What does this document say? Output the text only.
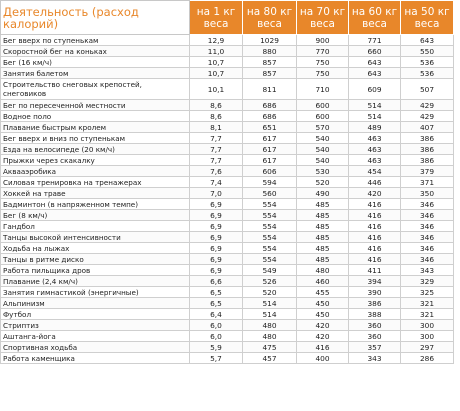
Деятельность (расход калорий)	на 1 кг веса	на 80 кг веса	на 70 кг веса	на 60 кг веса	на 50 кг веса
Бег вверх по ступенькам	12,9	1029	900	771	643
Скоростной бег на коньках	11,0	880	770	660	550
Бег (16 км/ч)	10,7	857	750	643	536
Занятия балетом	10,7	857	750	643	536
Строительство снеговых крепостей, снеговиков	10,1	811	710	609	507
Бег по пересеченной местности	8,6	686	600	514	429
Водное поло	8,6	686	600	514	429
Плавание быстрым кролем	8,1	651	570	489	407
Бег вверх и вниз по ступенькам	7,7	617	540	463	386
Езда на велосипеде (20 км/ч)	7,7	617	540	463	386
Прыжки через скакалку	7,7	617	540	463	386
Аквааэробика	7,6	606	530	454	379
Силовая тренировка на тренажерах	7,4	594	520	446	371
Хоккей на траве	7,0	560	490	420	350
Бадминтон (в напряженном темпе)	6,9	554	485	416	346
Бег (8 км/ч)	6,9	554	485	416	346
Гандбол	6,9	554	485	416	346
Танцы высокой интенсивности	6,9	554	485	416	346
Ходьба на лыжах	6,9	554	485	416	346
Танцы в ритме диско	6,9	554	485	416	346
Работа пильщика дров	6,9	549	480	411	343
Плавание (2,4 км/ч)	6,6	526	460	394	329
Занятия гимнастикой (энергичные)	6,5	520	455	390	325
Альпинизм	6,5	514	450	386	321
Футбол	6,4	514	450	388	321
Стриптиз	6,0	480	420	360	300
Аштанга-йога	6,0	480	420	360	300
Спортивная ходьба	5,9	475	416	357	297
Работа каменщика	5,7	457	400	343	286
